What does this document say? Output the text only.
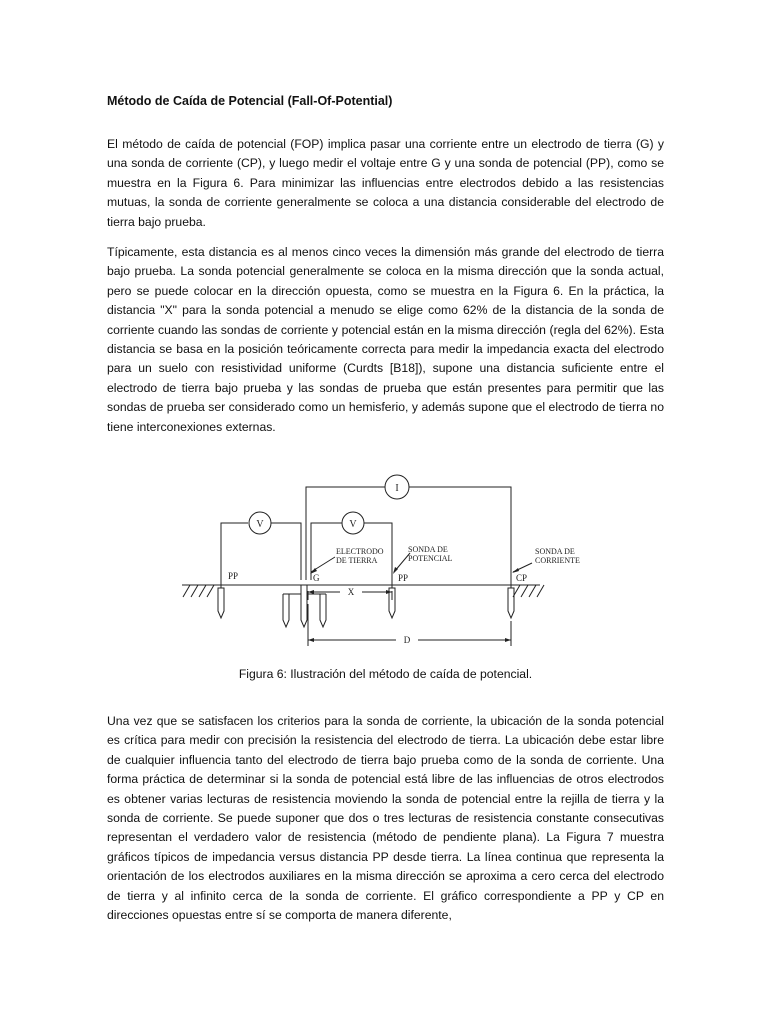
Método de Caída de Potencial (Fall-Of-Potential)

El método de caída de potencial (FOP) implica pasar una corriente entre un electrodo de tierra (G) y una sonda de corriente (CP), y luego medir el voltaje entre G y una sonda de potencial (PP), como se muestra en la Figura 6. Para minimizar las influencias entre electrodos debido a las resistencias mutuas, la sonda de corriente generalmente se coloca a una distancia considerable del electrodo de tierra bajo prueba.

Típicamente, esta distancia es al menos cinco veces la dimensión más grande del electrodo de tierra bajo prueba. La sonda potencial generalmente se coloca en la misma dirección que la sonda actual, pero se puede colocar en la dirección opuesta, como se muestra en la Figura 6. En la práctica, la distancia "X" para la sonda potencial a menudo se elige como 62% de la distancia de la sonda de corriente cuando las sondas de corriente y potencial están en la misma dirección (regla del 62%). Esta distancia se basa en la posición teóricamente correcta para medir la impedancia exacta del electrodo para un suelo con resistividad uniforme (Curdts [B18]), supone una distancia suficiente entre el electrodo de tierra bajo prueba y las sondas de prueba que están presentes para permitir que las sondas de prueba ser considerado como un hemisferio, y además supone que el electrodo de tierra no tiene interconexiones externas.

I
V	V
PP	G	PP	CP
ELECTRODO
DE TIERRA
SONDA DE
POTENCIAL
SONDA DE
CORRIENTE
X
D
Figura 6: Ilustración del método de caída de potencial.

Una vez que se satisfacen los criterios para la sonda de corriente, la ubicación de la sonda potencial es crítica para medir con precisión la resistencia del electrodo de tierra. La ubicación debe estar libre de cualquier influencia tanto del electrodo de tierra bajo prueba como de la sonda de corriente. Una forma práctica de determinar si la sonda de potencial está libre de las influencias de otros electrodos es obtener varias lecturas de resistencia moviendo la sonda de potencial entre la rejilla de tierra y la sonda de corriente. Se puede suponer que dos o tres lecturas de resistencia constante consecutivas representan el verdadero valor de resistencia (método de pendiente plana). La Figura 7 muestra gráficos típicos de impedancia versus distancia PP desde tierra. La línea continua que representa la orientación de los electrodos auxiliares en la misma dirección se aproxima a cero cerca del electrodo de tierra y al infinito cerca de la sonda de corriente. El gráfico correspondiente a PP y CP en direcciones opuestas entre sí se comporta de manera diferente,
